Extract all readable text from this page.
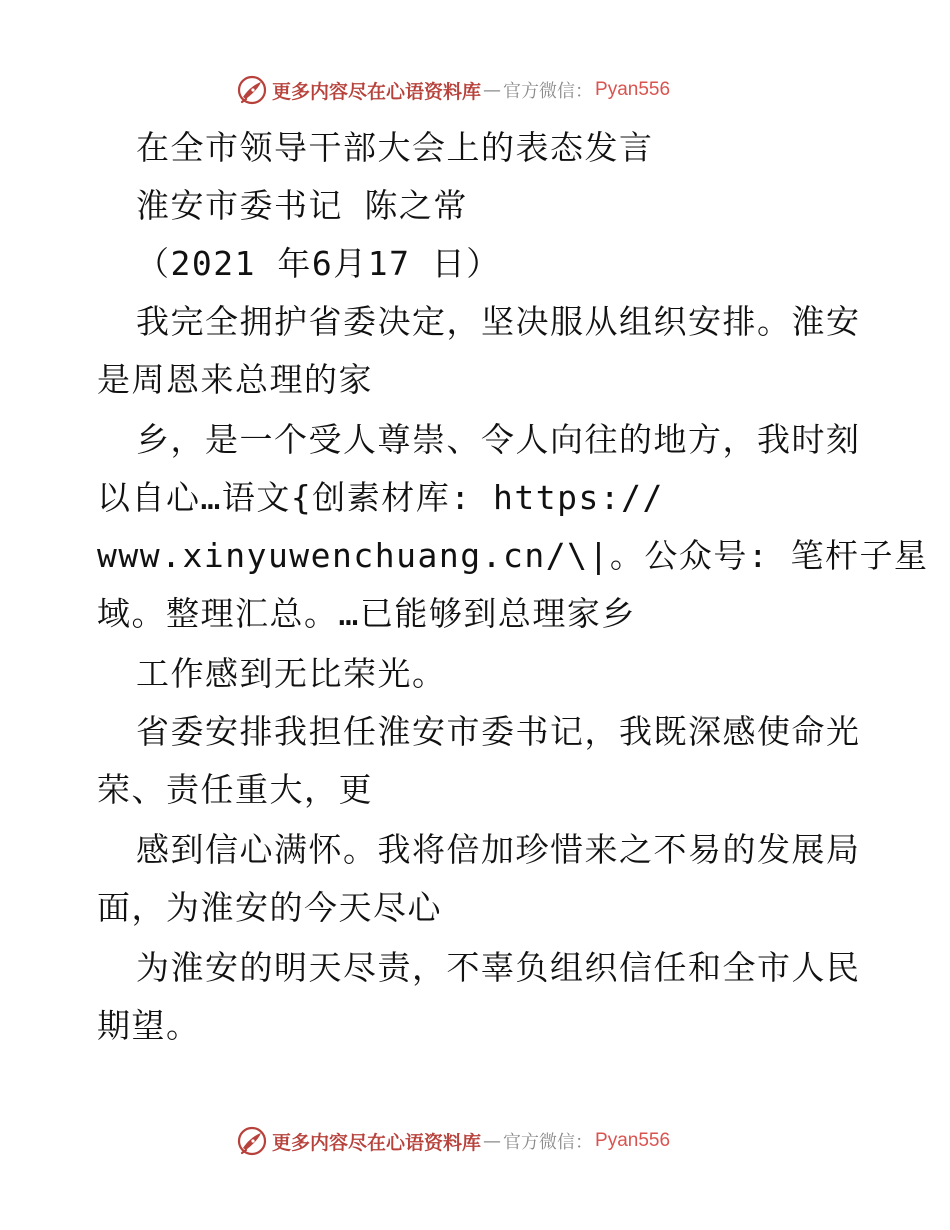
更多内容尽在心语资料库 — 官方微信： Pyan556
在全市领导干部大会上的表态发言
淮安市委书记 陈之常
（2021 年6月17 日）
我完全拥护省委决定，坚决服从组织安排。淮安
是周恩来总理的家
乡，是一个受人尊崇、令人向往的地方，我时刻
以自心…语文{创素材库: https://
www.xinyuwenchuang.cn/\|。公众号: 笔杆子星
域。整理汇总。…已能够到总理家乡
工作感到无比荣光。
省委安排我担任淮安市委书记，我既深感使命光
荣、责任重大，更
感到信心满怀。我将倍加珍惜来之不易的发展局
面，为淮安的今天尽心
为淮安的明天尽责，不辜负组织信任和全市人民
期望。
更多内容尽在心语资料库 — 官方微信： Pyan556
